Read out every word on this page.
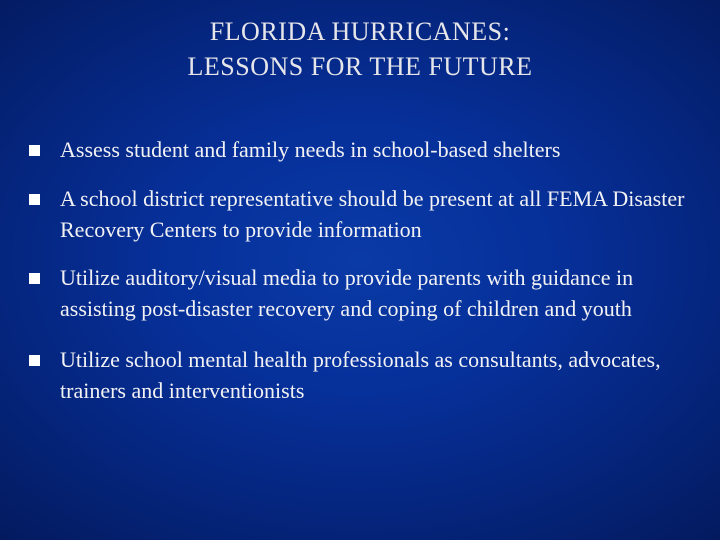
FLORIDA HURRICANES:
LESSONS FOR THE FUTURE
Assess student and family needs in school-based shelters
A school district representative should be present at all FEMA Disaster Recovery Centers to provide information
Utilize auditory/visual media to provide parents with guidance in assisting post-disaster recovery and coping of children and youth
Utilize school mental health professionals as consultants, advocates, trainers and interventionists
